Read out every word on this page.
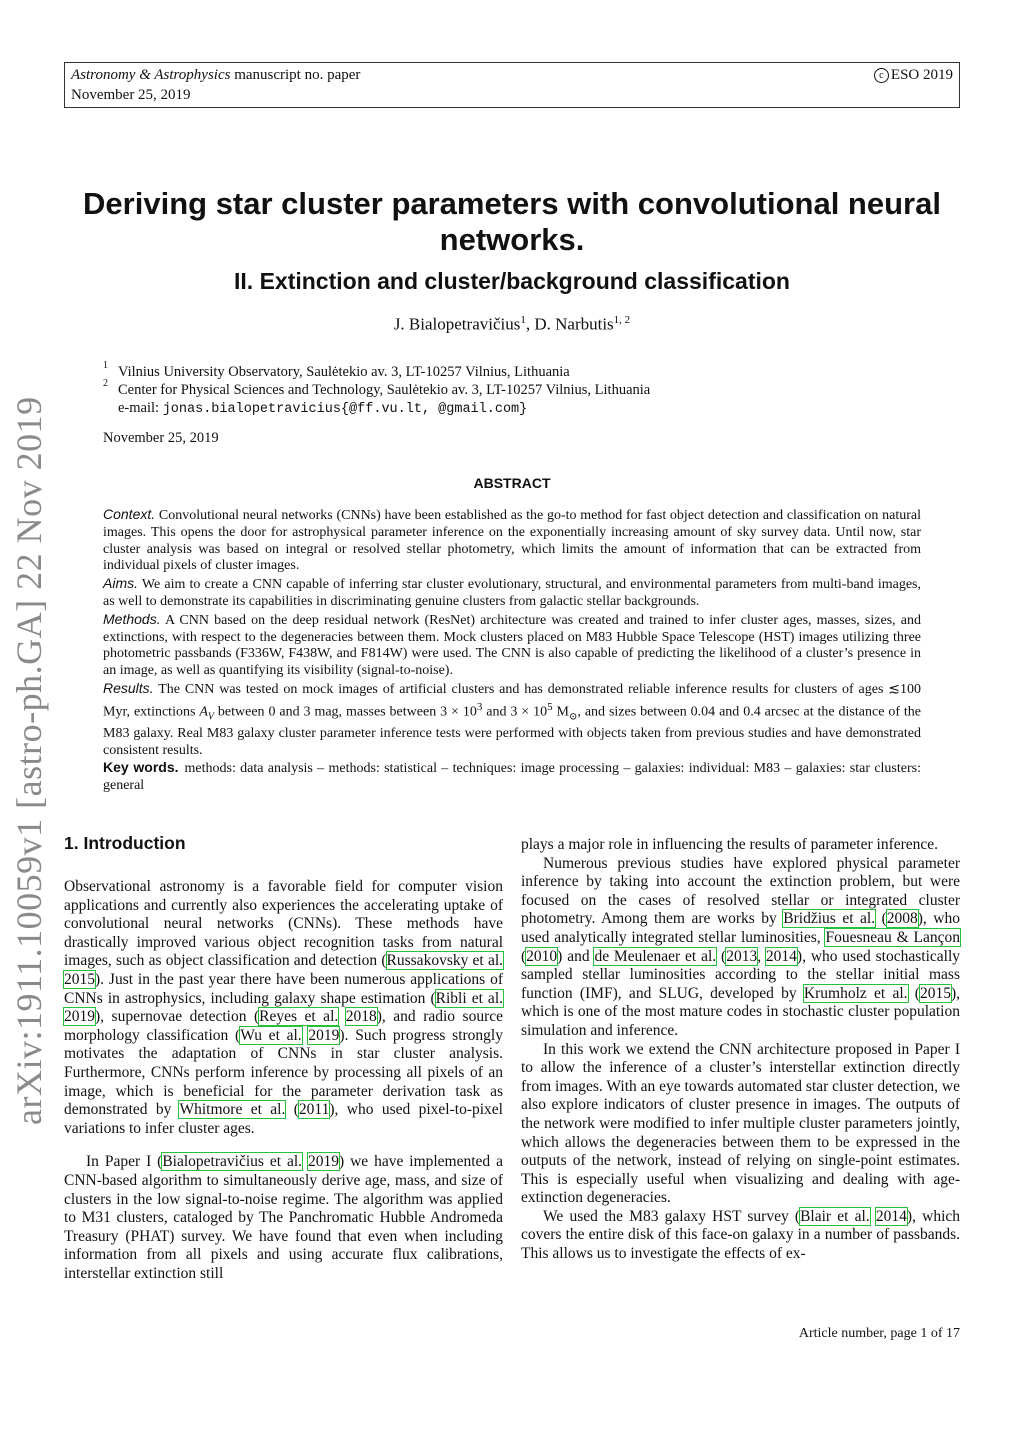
Astronomy & Astrophysics manuscript no. paper
November 25, 2019
c ESO 2019
arXiv:1911.10059v1 [astro-ph.GA] 22 Nov 2019
Deriving star cluster parameters with convolutional neural networks.
II. Extinction and cluster/background classification
J. Bialopetravičius$^1$, D. Narbutis$^{1, 2}$
1 Vilnius University Observatory, Saulėtekio av. 3, LT-10257 Vilnius, Lithuania
2 Center for Physical Sciences and Technology, Saulėtekio av. 3, LT-10257 Vilnius, Lithuania
e-mail: jonas.bialopetravicius{@ff.vu.lt, @gmail.com}
November 25, 2019
ABSTRACT

Context. Convolutional neural networks (CNNs) have been established as the go-to method for fast object detection and classification on natural images. This opens the door for astrophysical parameter inference on the exponentially increasing amount of sky survey data. Until now, star cluster analysis was based on integral or resolved stellar photometry, which limits the amount of information that can be extracted from individual pixels of cluster images.

Aims. We aim to create a CNN capable of inferring star cluster evolutionary, structural, and environmental parameters from multi-band images, as well to demonstrate its capabilities in discriminating genuine clusters from galactic stellar backgrounds.

Methods. A CNN based on the deep residual network (ResNet) architecture was created and trained to infer cluster ages, masses, sizes, and extinctions, with respect to the degeneracies between them. Mock clusters placed on M83 Hubble Space Telescope (HST) images utilizing three photometric passbands (F336W, F438W, and F814W) were used. The CNN is also capable of predicting the likelihood of a cluster’s presence in an image, as well as quantifying its visibility (signal-to-noise).

Results. The CNN was tested on mock images of artificial clusters and has demonstrated reliable inference results for clusters of ages ≲100 Myr, extinctions $A_V$ between 0 and 3 mag, masses between $3 \times 10^3$ and $3 \times 10^5$ $M_⊙$, and sizes between 0.04 and 0.4 arcsec at the distance of the M83 galaxy. Real M83 galaxy cluster parameter inference tests were performed with objects taken from previous studies and have demonstrated consistent results.

Key words. methods: data analysis – methods: statistical – techniques: image processing – galaxies: individual: M83 – galaxies: star clusters: general
1. Introduction

Observational astronomy is a favorable field for computer vision applications and currently also experiences the accelerating uptake of convolutional neural networks (CNNs). These methods have drastically improved various object recognition tasks from natural images, such as object classification and detection (Russakovsky et al. 2015). Just in the past year there have been numerous applications of CNNs in astrophysics, including galaxy shape estimation (Ribli et al. 2019), supernovae detection (Reyes et al. 2018), and radio source morphology classification (Wu et al. 2019). Such progress strongly motivates the adaptation of CNNs in star cluster analysis. Furthermore, CNNs perform inference by processing all pixels of an image, which is beneficial for the parameter derivation task as demonstrated by Whitmore et al. (2011), who used pixel-to-pixel variations to infer cluster ages.

In Paper I (Bialopetravičius et al. 2019) we have implemented a CNN-based algorithm to simultaneously derive age, mass, and size of clusters in the low signal-to-noise regime. The algorithm was applied to M31 clusters, cataloged by The Panchromatic Hubble Andromeda Treasury (PHAT) survey. We have found that even when including information from all pixels and using accurate flux calibrations, interstellar extinction still

plays a major role in influencing the results of parameter inference.

Numerous previous studies have explored physical parameter inference by taking into account the extinction problem, but were focused on the cases of resolved stellar or integrated cluster photometry. Among them are works by Bridžius et al. (2008), who used analytically integrated stellar luminosities, Fouesneau & Lançon (2010) and de Meulenaer et al. (2013, 2014), who used stochastically sampled stellar luminosities according to the stellar initial mass function (IMF), and SLUG, developed by Krumholz et al. (2015), which is one of the most mature codes in stochastic cluster population simulation and inference.

In this work we extend the CNN architecture proposed in Paper I to allow the inference of a cluster’s interstellar extinction directly from images. With an eye towards automated star cluster detection, we also explore indicators of cluster presence in images. The outputs of the network were modified to infer multiple cluster parameters jointly, which allows the degeneracies between them to be expressed in the outputs of the network, instead of relying on single-point estimates. This is especially useful when visualizing and dealing with age-extinction degeneracies.

We used the M83 galaxy HST survey (Blair et al. 2014), which covers the entire disk of this face-on galaxy in a number of passbands. This allows us to investigate the effects of ex-

Article number, page 1 of 17
